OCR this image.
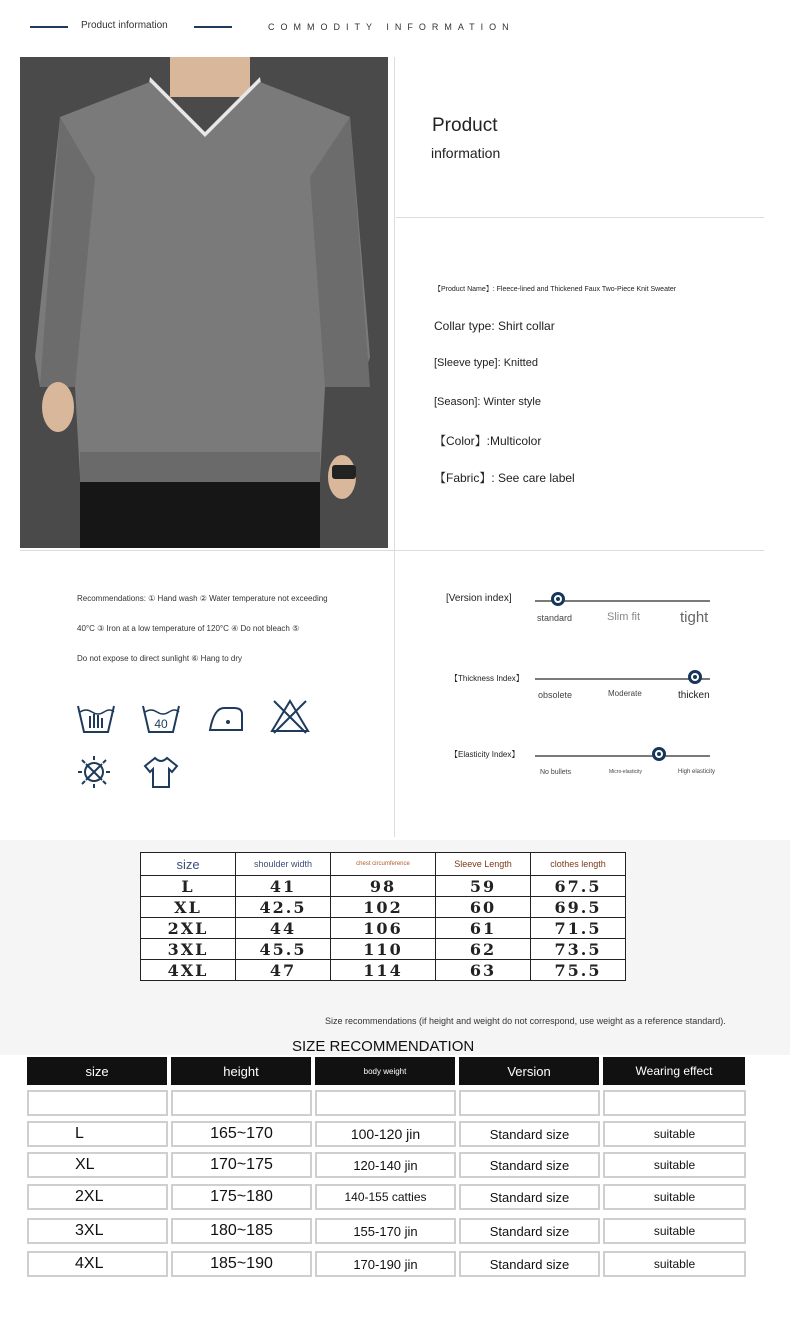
Product information	COMMODITY INFORMATION
Product
information
【Product Name】: Fleece-lined and Thickened Faux Two-Piece Knit Sweater
Collar type: Shirt collar
[Sleeve type]: Knitted
[Season]: Winter style
【Color】:Multicolor
【Fabric】: See care label
Recommendations: ① Hand wash ② Water temperature not exceeding
40°C ③ Iron at a low temperature of 120°C ④ Do not bleach ⑤
Do not expose to direct sunlight ⑥ Hang to dry
40
[Version index]
standard	Slim fit	tight
【Thickness Index】
obsolete	Moderate	thicken
【Elasticity Index】
No bullets	Micro-elasticity	High elasticity
size	shoulder width	chest circumference	Sleeve Length	clothes length
L	41	98	59	67.5
XL	42.5	102	60	69.5
2XL	44	106	61	71.5
3XL	45.5	110	62	73.5
4XL	47	114	63	75.5
Size recommendations (if height and weight do not correspond, use weight as a reference standard).
SIZE RECOMMENDATION
size	height	body weight	Version	Wearing effect
L	165~170	100-120 jin	Standard size	suitable
XL	170~175	120-140 jin	Standard size	suitable
2XL	175~180	140-155 catties	Standard size	suitable
3XL	180~185	155-170 jin	Standard size	suitable
4XL	185~190	170-190 jin	Standard size	suitable
